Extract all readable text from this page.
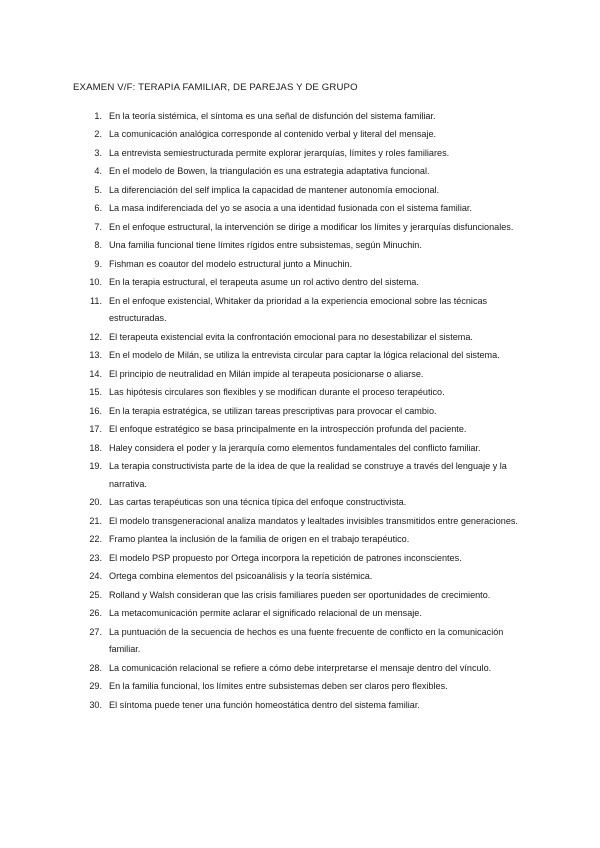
EXAMEN V/F: TERAPIA FAMILIAR, DE PAREJAS Y DE GRUPO
1. En la teoría sistémica, el síntoma es una señal de disfunción del sistema familiar.
2. La comunicación analógica corresponde al contenido verbal y literal del mensaje.
3. La entrevista semiestructurada permite explorar jerarquías, límites y roles familiares.
4. En el modelo de Bowen, la triangulación es una estrategia adaptativa funcional.
5. La diferenciación del self implica la capacidad de mantener autonomía emocional.
6. La masa indiferenciada del yo se asocia a una identidad fusionada con el sistema familiar.
7. En el enfoque estructural, la intervención se dirige a modificar los límites y jerarquías disfuncionales.
8. Una familia funcional tiene límites rígidos entre subsistemas, según Minuchin.
9. Fishman es coautor del modelo estructural junto a Minuchin.
10. En la terapia estructural, el terapeuta asume un rol activo dentro del sistema.
11. En el enfoque existencial, Whitaker da prioridad a la experiencia emocional sobre las técnicas estructuradas.
12. El terapeuta existencial evita la confrontación emocional para no desestabilizar el sistema.
13. En el modelo de Milán, se utiliza la entrevista circular para captar la lógica relacional del sistema.
14. El principio de neutralidad en Milán impide al terapeuta posicionarse o aliarse.
15. Las hipótesis circulares son flexibles y se modifican durante el proceso terapéutico.
16. En la terapia estratégica, se utilizan tareas prescriptivas para provocar el cambio.
17. El enfoque estratégico se basa principalmente en la introspección profunda del paciente.
18. Haley considera el poder y la jerarquía como elementos fundamentales del conflicto familiar.
19. La terapia constructivista parte de la idea de que la realidad se construye a través del lenguaje y la narrativa.
20. Las cartas terapéuticas son una técnica típica del enfoque constructivista.
21. El modelo transgeneracional analiza mandatos y lealtades invisibles transmitidos entre generaciones.
22. Framo plantea la inclusión de la familia de origen en el trabajo terapéutico.
23. El modelo PSP propuesto por Ortega incorpora la repetición de patrones inconscientes.
24. Ortega combina elementos del psicoanálisis y la teoría sistémica.
25. Rolland y Walsh consideran que las crisis familiares pueden ser oportunidades de crecimiento.
26. La metacomunicación permite aclarar el significado relacional de un mensaje.
27. La puntuación de la secuencia de hechos es una fuente frecuente de conflicto en la comunicación familiar.
28. La comunicación relacional se refiere a cómo debe interpretarse el mensaje dentro del vínculo.
29. En la familia funcional, los límites entre subsistemas deben ser claros pero flexibles.
30. El síntoma puede tener una función homeostática dentro del sistema familiar.
